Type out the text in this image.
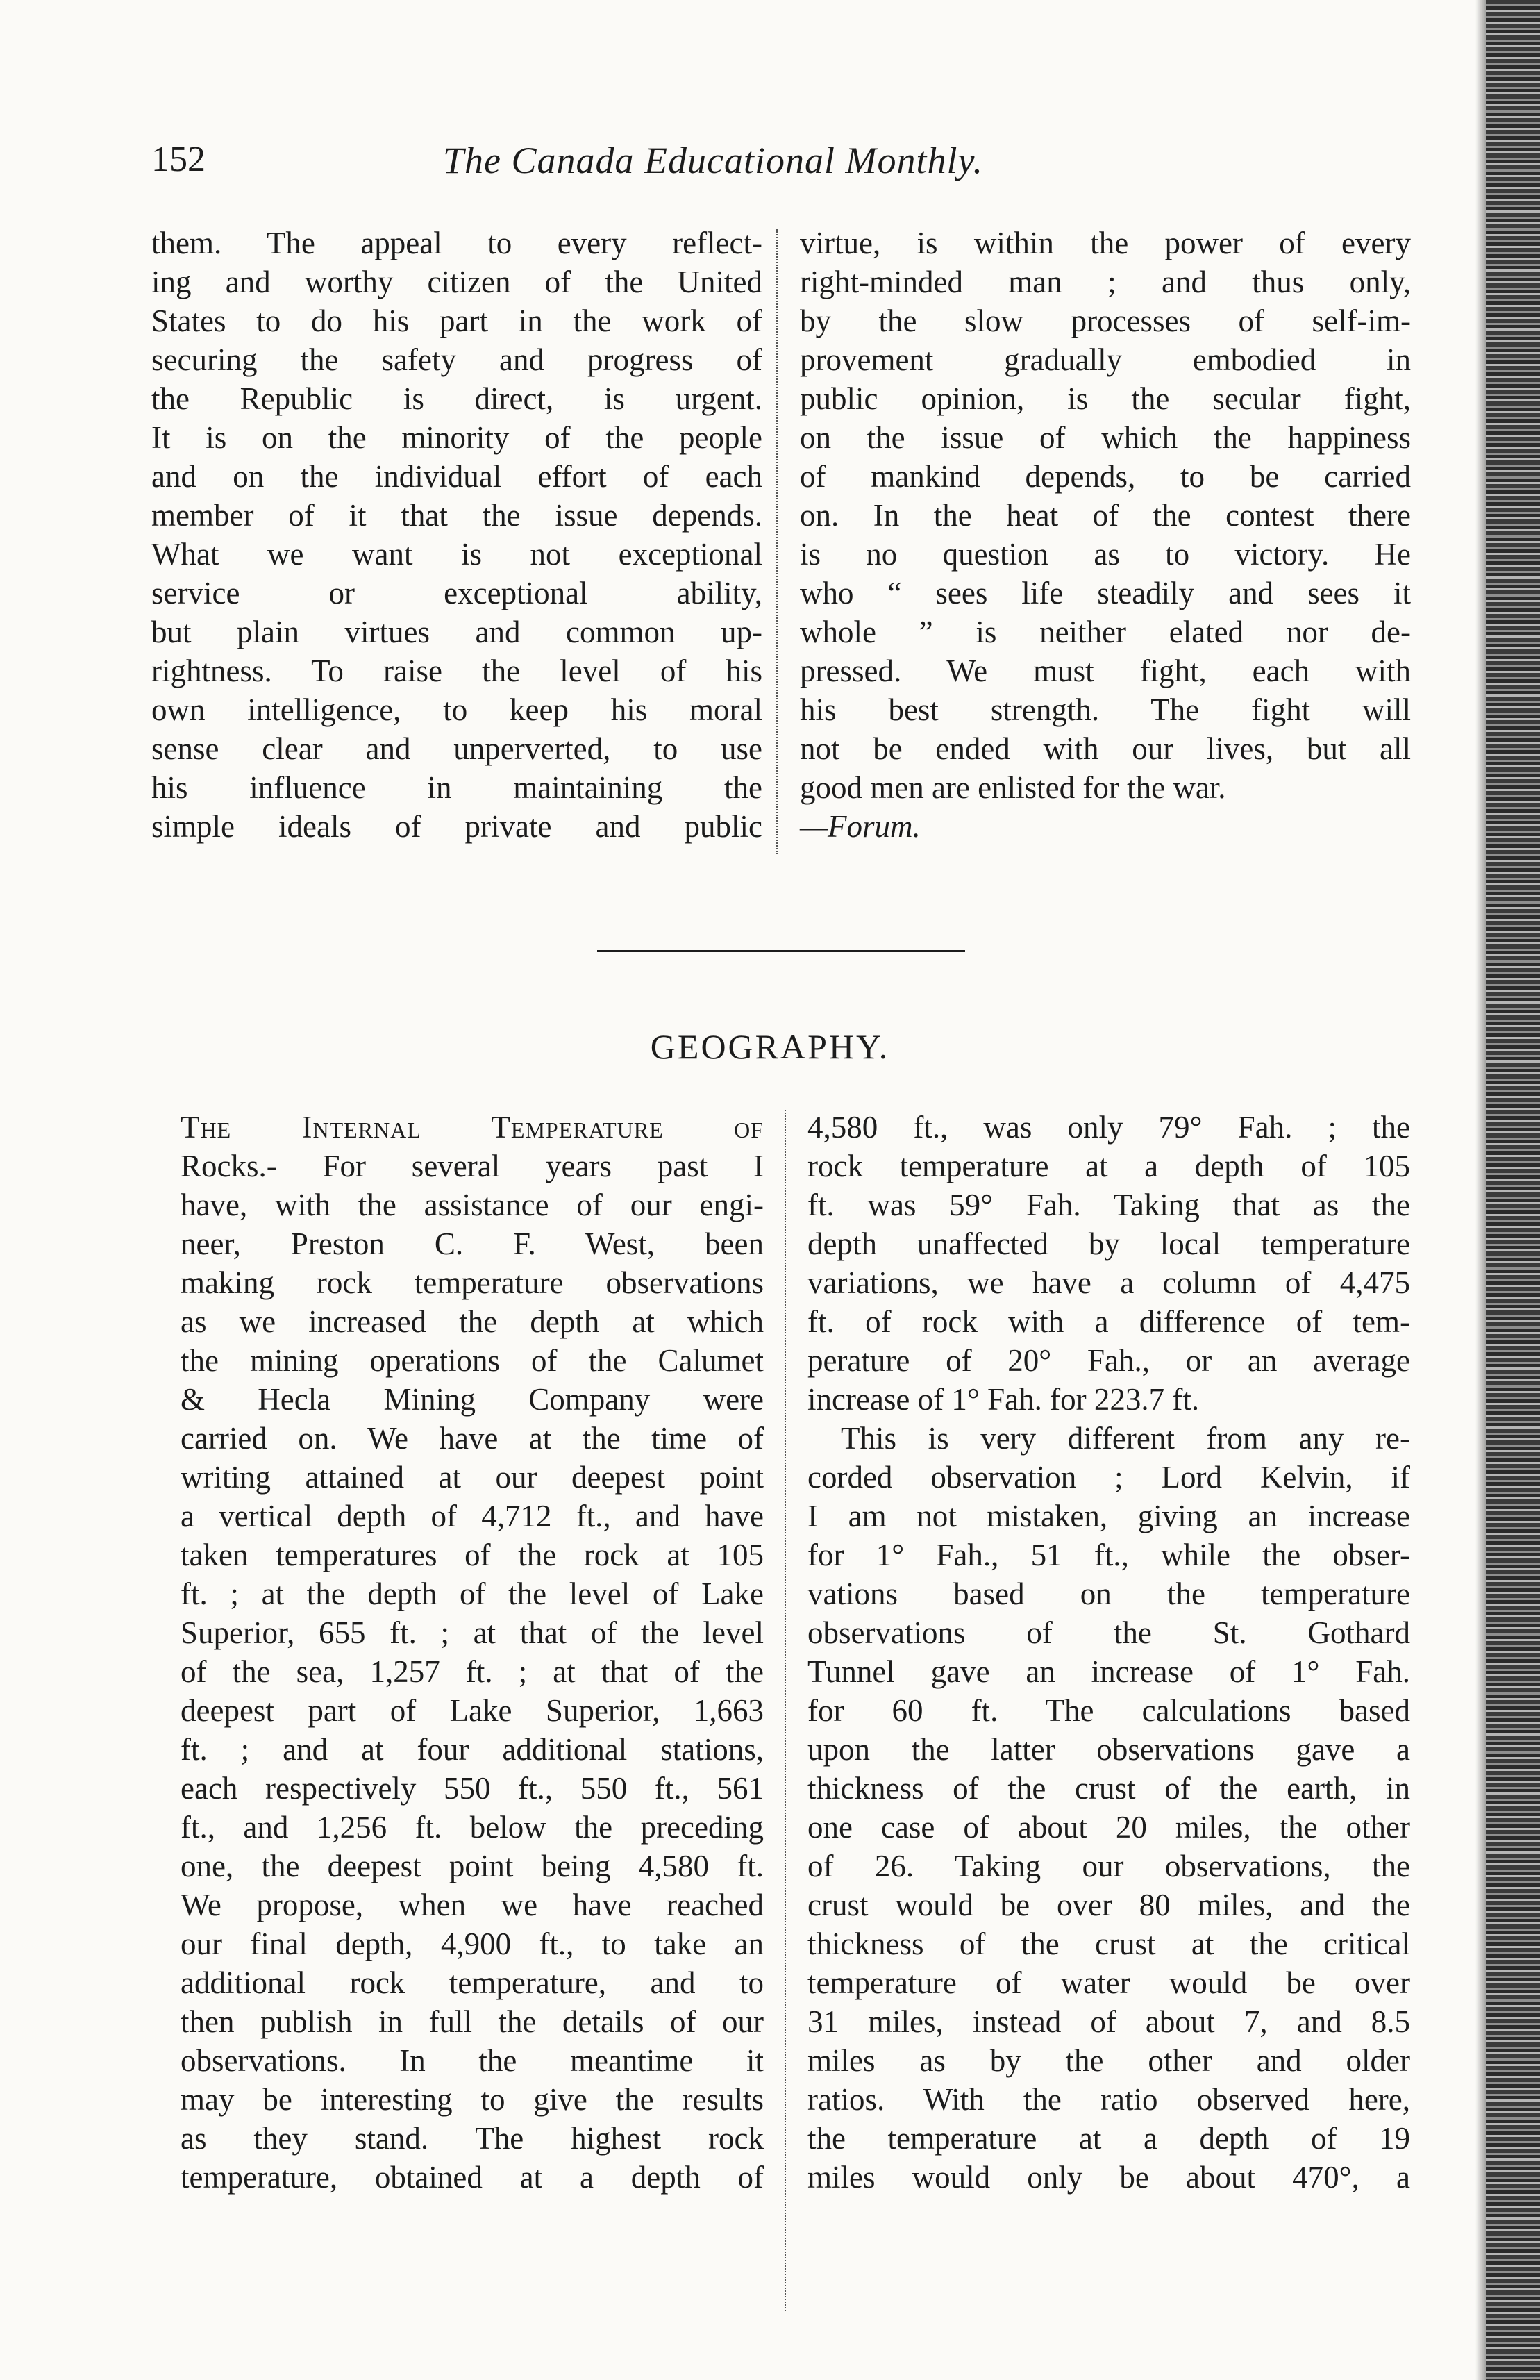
152	The Canada Educational Monthly.
them. The appeal to every reflect-
ing and worthy citizen of the United
States to do his part in the work of
securing the safety and progress of
the Republic is direct, is urgent.
It is on the minority of the people
and on the individual effort of each
member of it that the issue depends.
What we want is not exceptional
service or exceptional ability,
but plain virtues and common up-
rightness. To raise the level of his
own intelligence, to keep his moral
sense clear and unperverted, to use
his influence in maintaining the
simple ideals of private and public
virtue, is within the power of every
right-minded man ; and thus only,
by the slow processes of self-im-
provement gradually embodied in
public opinion, is the secular fight,
on the issue of which the happiness
of mankind depends, to be carried
on. In the heat of the contest there
is no question as to victory. He
who “ sees life steadily and sees it
whole ” is neither elated nor de-
pressed. We must fight, each with
his best strength. The fight will
not be ended with our lives, but all
good men are enlisted for the war.
—Forum.
GEOGRAPHY.
The Internal Temperature of
Rocks.- For several years past I
have, with the assistance of our engi-
neer, Preston C. F. West, been
making rock temperature observations
as we increased the depth at which
the mining operations of the Calumet
& Hecla Mining Company were
carried on. We have at the time of
writing attained at our deepest point
a vertical depth of 4,712 ft., and have
taken temperatures of the rock at 105
ft. ; at the depth of the level of Lake
Superior, 655 ft. ; at that of the level
of the sea, 1,257 ft. ; at that of the
deepest part of Lake Superior, 1,663
ft. ; and at four additional stations,
each respectively 550 ft., 550 ft., 561
ft., and 1,256 ft. below the preceding
one, the deepest point being 4,580 ft.
We propose, when we have reached
our final depth, 4,900 ft., to take an
additional rock temperature, and to
then publish in full the details of our
observations. In the meantime it
may be interesting to give the results
as they stand. The highest rock
temperature, obtained at a depth of
4,580 ft., was only 79° Fah. ; the
rock temperature at a depth of 105
ft. was 59° Fah. Taking that as the
depth unaffected by local temperature
variations, we have a column of 4,475
ft. of rock with a difference of tem-
perature of 20° Fah., or an average
increase of 1° Fah. for 223.7 ft.
This is very different from any re-
corded observation ; Lord Kelvin, if
I am not mistaken, giving an increase
for 1° Fah., 51 ft., while the obser-
vations based on the temperature
observations of the St. Gothard
Tunnel gave an increase of 1° Fah.
for 60 ft. The calculations based
upon the latter observations gave a
thickness of the crust of the earth, in
one case of about 20 miles, the other
of 26. Taking our observations, the
crust would be over 80 miles, and the
thickness of the crust at the critical
temperature of water would be over
31 miles, instead of about 7, and 8.5
miles as by the other and older
ratios. With the ratio observed here,
the temperature at a depth of 19
miles would only be about 470°, a
